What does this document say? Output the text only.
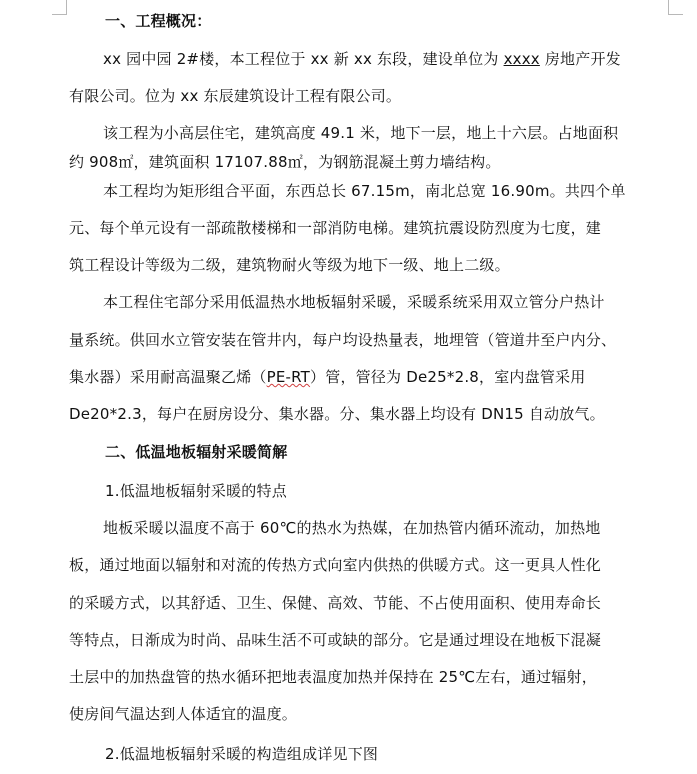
一、工程概况：
xx 园中园 2#楼，本工程位于 xx 新 xx 东段，建设单位为 xxxx 房地产开发
有限公司。位为 xx 东辰建筑设计工程有限公司。
该工程为小高层住宅，建筑高度 49.1 米，地下一层，地上十六层。占地面积
约 908㎡，建筑面积 17107.88㎡，为钢筋混凝土剪力墙结构。
本工程均为矩形组合平面，东西总长 67.15m，南北总宽 16.90m。共四个单
元、每个单元设有一部疏散楼梯和一部消防电梯。建筑抗震设防烈度为七度，建
筑工程设计等级为二级，建筑物耐火等级为地下一级、地上二级。
本工程住宅部分采用低温热水地板辐射采暖，采暖系统采用双立管分户热计
量系统。供回水立管安装在管井内，每户均设热量表，地埋管（管道井至户内分、
集水器）采用耐高温聚乙烯（PE-RT）管，管径为 De25*2.8，室内盘管采用
De20*2.3，每户在厨房设分、集水器。分、集水器上均设有 DN15 自动放气。
二、低温地板辐射采暖简解
1.低温地板辐射采暖的特点
地板采暖以温度不高于 60℃的热水为热媒，在加热管内循环流动，加热地
板，通过地面以辐射和对流的传热方式向室内供热的供暖方式。这一更具人性化
的采暖方式，以其舒适、卫生、保健、高效、节能、不占使用面积、使用寿命长
等特点，日渐成为时尚、品味生活不可或缺的部分。它是通过埋设在地板下混凝
土层中的加热盘管的热水循环把地表温度加热并保持在 25℃左右，通过辐射，
使房间气温达到人体适宜的温度。
2.低温地板辐射采暖的构造组成详见下图
